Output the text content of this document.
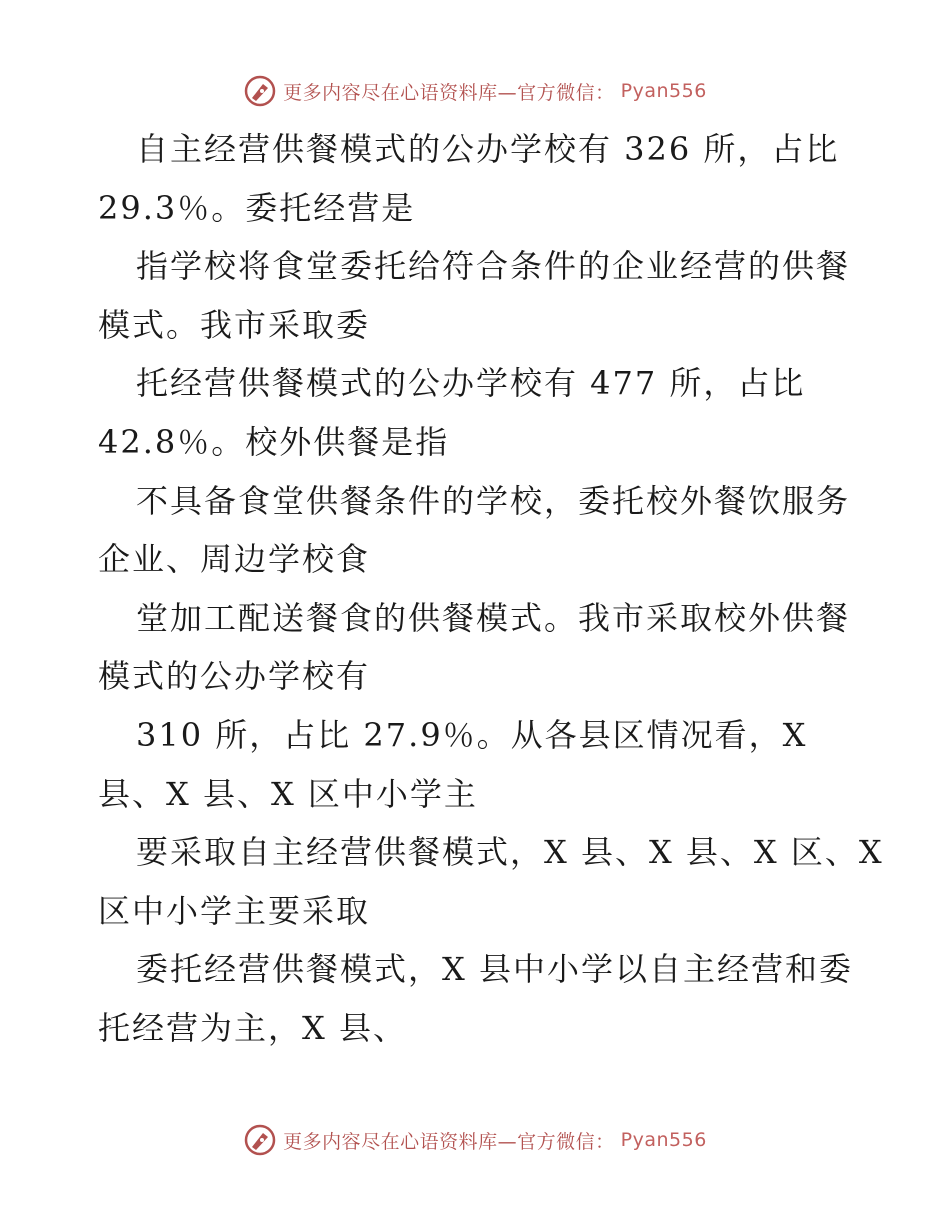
更多内容尽在心语资料库—官方微信： Pyan556
自主经营供餐模式的公办学校有 326 所，占比
29.3％。委托经营是
指学校将食堂委托给符合条件的企业经营的供餐
模式。我市采取委
托经营供餐模式的公办学校有 477 所，占比
42.8％。校外供餐是指
不具备食堂供餐条件的学校，委托校外餐饮服务
企业、周边学校食
堂加工配送餐食的供餐模式。我市采取校外供餐
模式的公办学校有
310 所，占比 27.9％。从各县区情况看，X
县、X 县、X 区中小学主
要采取自主经营供餐模式，X 县、X 县、X 区、X
区中小学主要采取
委托经营供餐模式，X 县中小学以自主经营和委
托经营为主，X 县、
更多内容尽在心语资料库—官方微信： Pyan556
